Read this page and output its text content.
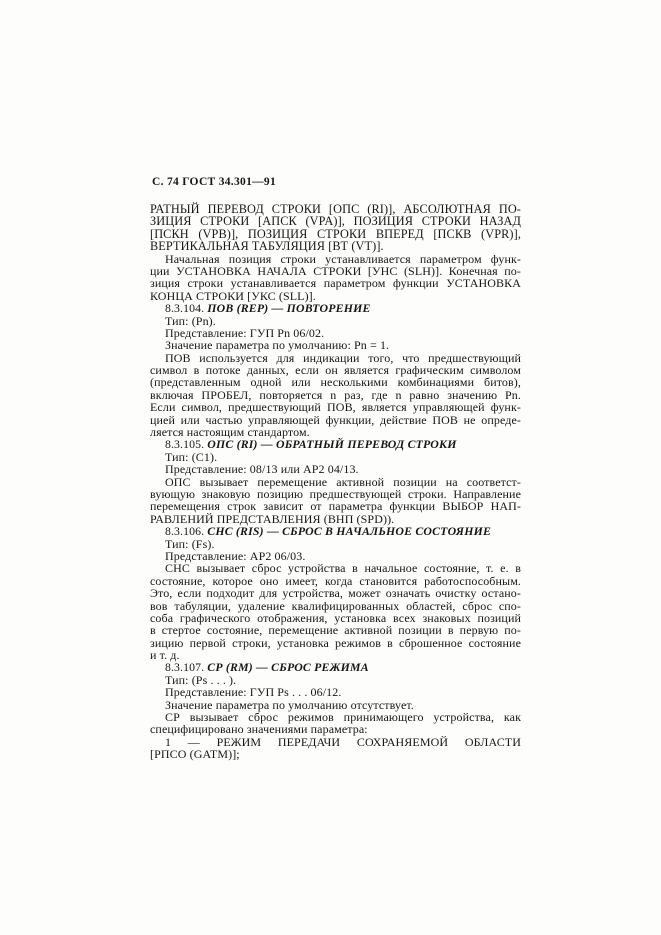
С. 74 ГОСТ 34.301—91
РАТНЫЙ ПЕРЕВОД СТРОКИ [ОПС (RI)], АБСОЛЮТНАЯ ПО-
ЗИЦИЯ СТРОКИ [АПСК (VPA)], ПОЗИЦИЯ СТРОКИ НАЗАД
[ПСКН (VPB)], ПОЗИЦИЯ СТРОКИ ВПЕРЕД [ПСКВ (VPR)],
ВЕРТИКАЛЬНАЯ ТАБУЛЯЦИЯ [ВТ (VT)].
Начальная позиция строки устанавливается параметром функ-
ции УСТАНОВКА НАЧАЛА СТРОКИ [УНС (SLH)]. Конечная по-
зиция строки устанавливается параметром функции УСТАНОВКА
КОНЦА СТРОКИ [УКС (SLL)].
8.3.104. ПОВ (REP) — ПОВТОРЕНИЕ
Тип: (Pn).
Представление: ГУП Pn 06/02.
Значение параметра по умолчанию: Pn = 1.
ПОВ используется для индикации того, что предшествующий
символ в потоке данных, если он является графическим символом
(представленным одной или несколькими комбинациями битов),
включая ПРОБЕЛ, повторяется n раз, где n равно значению Pn.
Если символ, предшествующий ПОВ, является управляющей функ-
цией или частью управляющей функции, действие ПОВ не опреде-
ляется настоящим стандартом.
8.3.105. ОПС (RI) — ОБРАТНЫЙ ПЕРЕВОД СТРОКИ
Тип: (C1).
Представление: 08/13 или АР2 04/13.
ОПС вызывает перемещение активной позиции на соответст-
вующую знаковую позицию предшествующей строки. Направление
перемещения строк зависит от параметра функции ВЫБОР НАП-
РАВЛЕНИЙ ПРЕДСТАВЛЕНИЯ (ВНП (SPD)).
8.3.106. СНС (RIS) — СБРОС В НАЧАЛЬНОЕ СОСТОЯНИЕ
Тип: (Fs).
Представление: АР2 06/03.
СНС вызывает сброс устройства в начальное состояние, т. е. в
состояние, которое оно имеет, когда становится работоспособным.
Это, если подходит для устройства, может означать очистку остано-
вов табуляции, удаление квалифицированных областей, сброс спо-
соба графического отображения, установка всех знаковых позиций
в стертое состояние, перемещение активной позиции в первую по-
зицию первой строки, установка режимов в сброшенное состояние
и т. д.
8.3.107. СР (RM) — СБРОС РЕЖИМА
Тип: (Ps . . . ).
Представление: ГУП Ps . . . 06/12.
Значение параметра по умолчанию отсутствует.
СР вызывает сброс режимов принимающего устройства, как
специфицировано значениями параметра:
1 — РЕЖИМ ПЕРЕДАЧИ СОХРАНЯЕМОЙ ОБЛАСТИ
[РПСО (GATM)];
